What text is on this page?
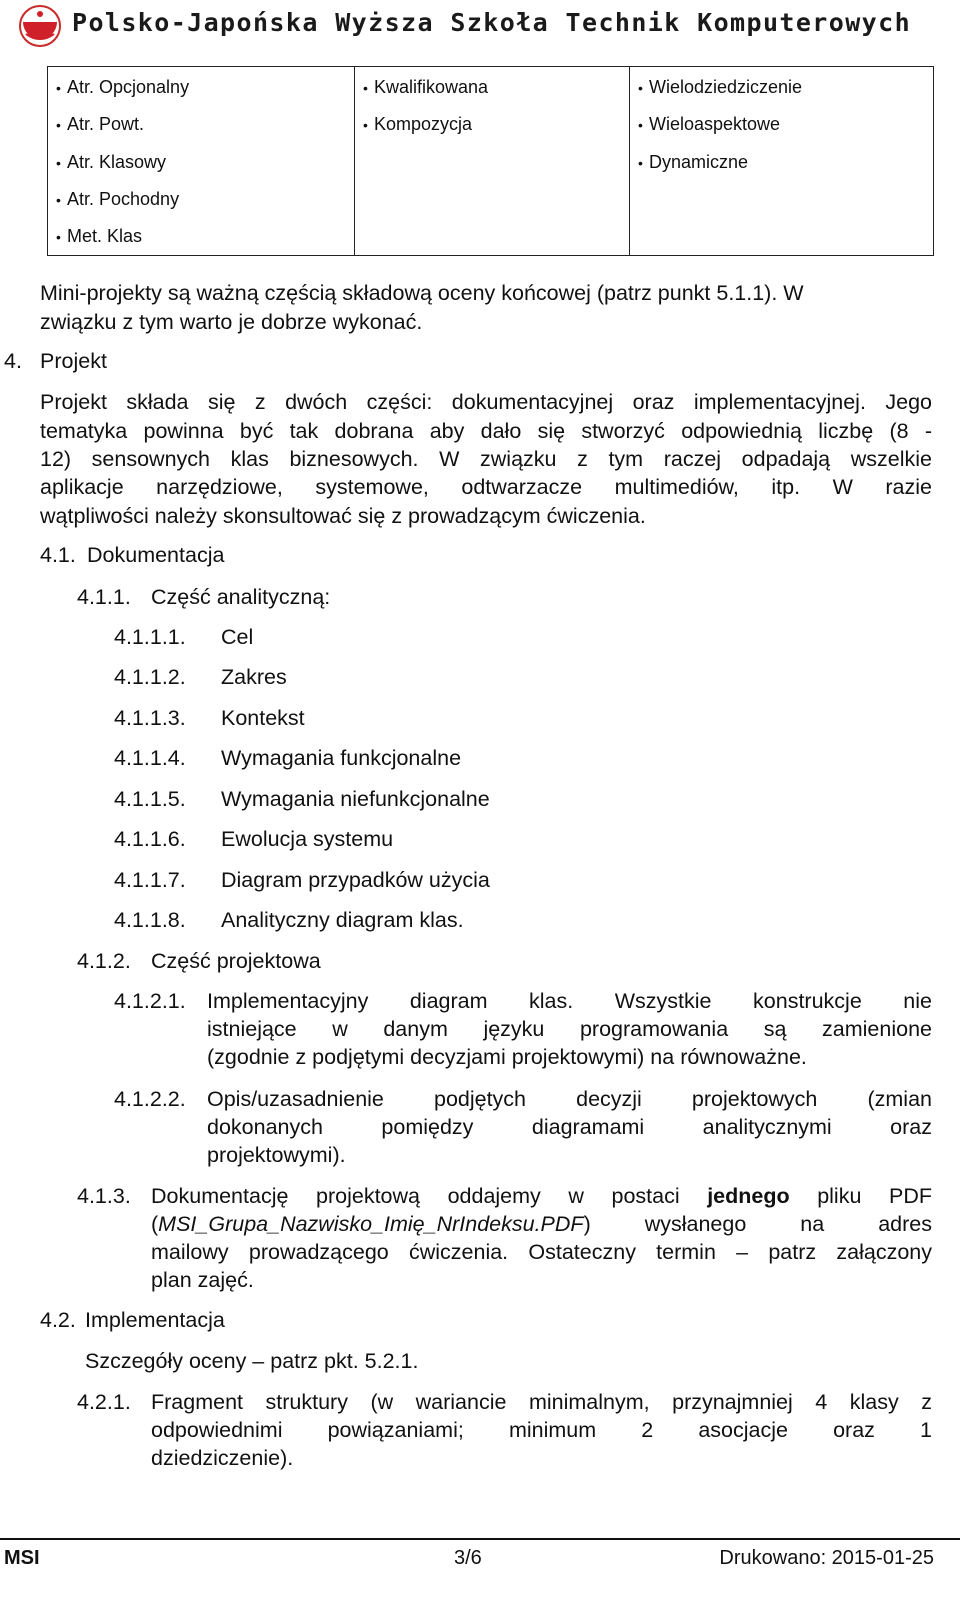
Polsko-Japońska Wyższa Szkoła Technik Komputerowych
• Atr. Opcjonalny
• Atr. Powt.
• Atr. Klasowy
• Atr. Pochodny
• Met. Klas
• Kwalifikowana
• Kompozycja
• Wielodziedziczenie
• Wieloaspektowe
• Dynamiczne
Mini-projekty są ważną częścią składową oceny końcowej (patrz punkt 5.1.1). W
związku z tym warto je dobrze wykonać.
4. Projekt
Projekt składa się z dwóch części: dokumentacyjnej oraz implementacyjnej. Jego
tematyka powinna być tak dobrana aby dało się stworzyć odpowiednią liczbę (8 -
12) sensownych klas biznesowych. W związku z tym raczej odpadają wszelkie
aplikacje narzędziowe, systemowe, odtwarzacze multimediów, itp. W razie
wątpliwości należy skonsultować się z prowadzącym ćwiczenia.
4.1. Dokumentacja
4.1.1. Część analityczną:
4.1.1.1. Cel
4.1.1.2. Zakres
4.1.1.3. Kontekst
4.1.1.4. Wymagania funkcjonalne
4.1.1.5. Wymagania niefunkcjonalne
4.1.1.6. Ewolucja systemu
4.1.1.7. Diagram przypadków użycia
4.1.1.8. Analityczny diagram klas.
4.1.2. Część projektowa
4.1.2.1. Implementacyjny diagram klas. Wszystkie konstrukcje nie
istniejące w danym języku programowania są zamienione
(zgodnie z podjętymi decyzjami projektowymi) na równoważne.
4.1.2.2. Opis/uzasadnienie podjętych decyzji projektowych (zmian
dokonanych pomiędzy diagramami analitycznymi oraz
projektowymi).
4.1.3. Dokumentację projektową oddajemy w postaci jednego pliku PDF
(MSI_Grupa_Nazwisko_Imię_NrIndeksu.PDF) wysłanego na adres
mailowy prowadzącego ćwiczenia. Ostateczny termin – patrz załączony
plan zajęć.
4.2. Implementacja
Szczegóły oceny – patrz pkt. 5.2.1.
4.2.1. Fragment struktury (w wariancie minimalnym, przynajmniej 4 klasy z
odpowiednimi powiązaniami; minimum 2 asocjacje oraz 1
dziedziczenie).
MSI	3/6	Drukowano: 2015-01-25
